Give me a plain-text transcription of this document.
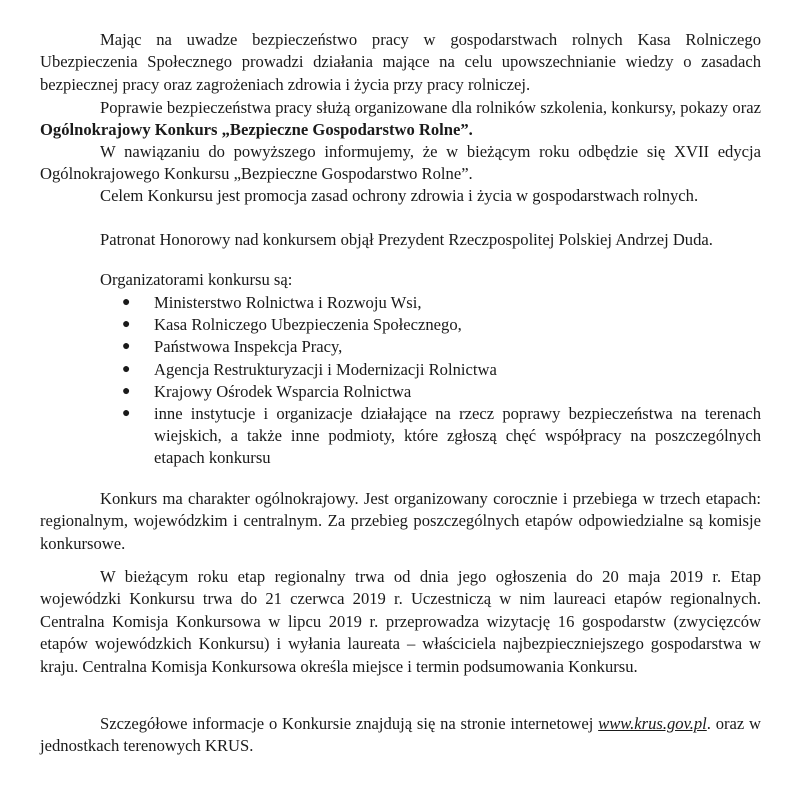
Mając na uwadze bezpieczeństwo pracy w gospodarstwach rolnych Kasa Rolniczego Ubezpieczenia Społecznego prowadzi działania mające na celu upowszechnianie wiedzy o zasadach bezpiecznej pracy oraz zagrożeniach zdrowia i życia przy pracy rolniczej.

Poprawie bezpieczeństwa pracy służą organizowane dla rolników szkolenia, konkursy, pokazy oraz Ogólnokrajowy Konkurs „Bezpieczne Gospodarstwo Rolne”.

W nawiązaniu do powyższego informujemy, że w bieżącym roku odbędzie się XVII edycja Ogólnokrajowego Konkursu „Bezpieczne Gospodarstwo Rolne”.

Celem Konkursu jest promocja zasad ochrony zdrowia i życia w gospodarstwach rolnych.

Patronat Honorowy nad konkursem objął Prezydent Rzeczpospolitej Polskiej Andrzej Duda.

Organizatorami konkursu są:

● Ministerstwo Rolnictwa i Rozwoju Wsi,
● Kasa Rolniczego Ubezpieczenia Społecznego,
● Państwowa Inspekcja Pracy,
● Agencja Restrukturyzacji i Modernizacji Rolnictwa
● Krajowy Ośrodek Wsparcia Rolnictwa
● inne instytucje i organizacje działające na rzecz poprawy bezpieczeństwa na terenach wiejskich, a także inne podmioty, które zgłoszą chęć współpracy na poszczególnych etapach konkursu

Konkurs ma charakter ogólnokrajowy. Jest organizowany corocznie i przebiega w trzech etapach: regionalnym, wojewódzkim i centralnym. Za przebieg poszczególnych etapów odpowiedzialne są komisje konkursowe.

W bieżącym roku etap regionalny trwa od dnia jego ogłoszenia do 20 maja 2019 r. Etap wojewódzki Konkursu trwa do 21 czerwca 2019 r. Uczestniczą w nim laureaci etapów regionalnych. Centralna Komisja Konkursowa w lipcu 2019 r. przeprowadza wizytację 16 gospodarstw (zwycięzców etapów wojewódzkich Konkursu) i wyłania laureata – właściciela najbezpieczniejszego gospodarstwa w kraju. Centralna Komisja Konkursowa określa miejsce i termin podsumowania Konkursu.

Szczegółowe informacje o Konkursie znajdują się na stronie internetowej www.krus.gov.pl. oraz w jednostkach terenowych KRUS.
